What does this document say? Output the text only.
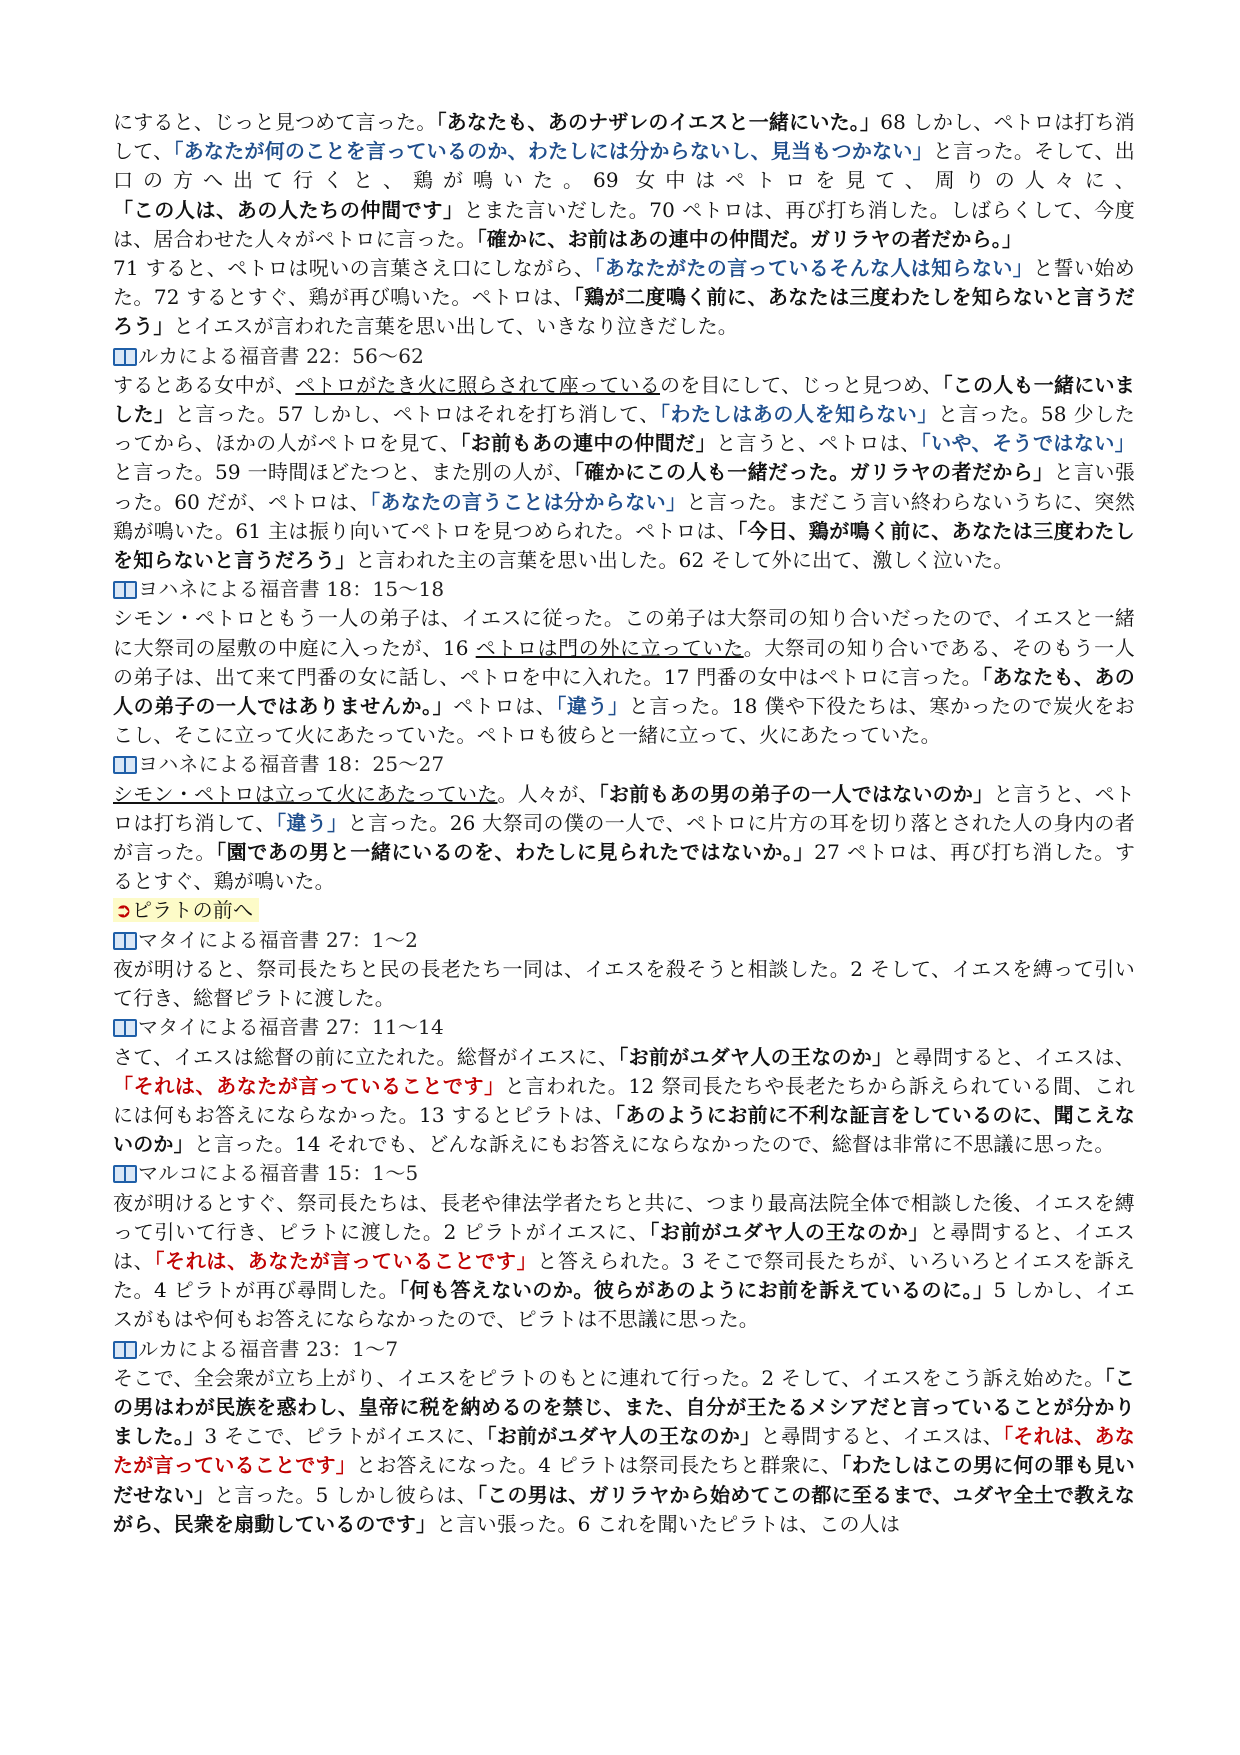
にすると、じっと見つめて言った。「あなたも、あのナザレのイエスと一緒にいた。」68 しかし、ペトロは打ち消して、「あなたが何のことを言っているのか、わたしには分からないし、見当もつかない」と言った。そして、出口の方へ出て行くと、鶏が鳴いた。69 女中はペトロを見て、周りの人々に、「この人は、あの人たちの仲間です」とまた言いだした。70 ペトロは、再び打ち消した。しばらくして、今度は、居合わせた人々がペトロに言った。「確かに、お前はあの連中の仲間だ。ガリラヤの者だから。」

71 すると、ペトロは呪いの言葉さえ口にしながら、「あなたがたの言っているそんな人は知らない」と誓い始めた。72 するとすぐ、鶏が再び鳴いた。ペトロは、「鶏が二度鳴く前に、あなたは三度わたしを知らないと言うだろう」とイエスが言われた言葉を思い出して、いきなり泣きだした。

ルカによる福音書 22：56～62

するとある女中が、ペトロがたき火に照らされて座っているのを目にして、じっと見つめ、「この人も一緒にいました」と言った。57 しかし、ペトロはそれを打ち消して、「わたしはあの人を知らない」と言った。58 少したってから、ほかの人がペトロを見て、「お前もあの連中の仲間だ」と言うと、ペトロは、「いや、そうではない」と言った。59 一時間ほどたつと、また別の人が、「確かにこの人も一緒だった。ガリラヤの者だから」と言い張った。60 だが、ペトロは、「あなたの言うことは分からない」と言った。まだこう言い終わらないうちに、突然鶏が鳴いた。61 主は振り向いてペトロを見つめられた。ペトロは、「今日、鶏が鳴く前に、あなたは三度わたしを知らないと言うだろう」と言われた主の言葉を思い出した。62 そして外に出て、激しく泣いた。

ヨハネによる福音書 18：15～18

シモン・ペトロともう一人の弟子は、イエスに従った。この弟子は大祭司の知り合いだったので、イエスと一緒に大祭司の屋敷の中庭に入ったが、16 ペトロは門の外に立っていた。大祭司の知り合いである、そのもう一人の弟子は、出て来て門番の女に話し、ペトロを中に入れた。17 門番の女中はペトロに言った。「あなたも、あの人の弟子の一人ではありませんか。」ペトロは、「違う」と言った。18 僕や下役たちは、寒かったので炭火をおこし、そこに立って火にあたっていた。ペトロも彼らと一緒に立って、火にあたっていた。

ヨハネによる福音書 18：25～27

シモン・ペトロは立って火にあたっていた。人々が、「お前もあの男の弟子の一人ではないのか」と言うと、ペトロは打ち消して、「違う」と言った。26 大祭司の僕の一人で、ペトロに片方の耳を切り落とされた人の身内の者が言った。「園であの男と一緒にいるのを、わたしに見られたではないか。」27 ペトロは、再び打ち消した。するとすぐ、鶏が鳴いた。

➲ピラトの前へ

マタイによる福音書 27：1～2

夜が明けると、祭司長たちと民の長老たち一同は、イエスを殺そうと相談した。2 そして、イエスを縛って引いて行き、総督ピラトに渡した。

マタイによる福音書 27：11～14

さて、イエスは総督の前に立たれた。総督がイエスに、「お前がユダヤ人の王なのか」と尋問すると、イエスは、「それは、あなたが言っていることです」と言われた。12 祭司長たちや長老たちから訴えられている間、これには何もお答えにならなかった。13 するとピラトは、「あのようにお前に不利な証言をしているのに、聞こえないのか」と言った。14 それでも、どんな訴えにもお答えにならなかったので、総督は非常に不思議に思った。

マルコによる福音書 15：1～5

夜が明けるとすぐ、祭司長たちは、長老や律法学者たちと共に、つまり最高法院全体で相談した後、イエスを縛って引いて行き、ピラトに渡した。2 ピラトがイエスに、「お前がユダヤ人の王なのか」と尋問すると、イエスは、「それは、あなたが言っていることです」と答えられた。3 そこで祭司長たちが、いろいろとイエスを訴えた。4 ピラトが再び尋問した。「何も答えないのか。彼らがあのようにお前を訴えているのに。」5 しかし、イエスがもはや何もお答えにならなかったので、ピラトは不思議に思った。

ルカによる福音書 23：1～7

そこで、全会衆が立ち上がり、イエスをピラトのもとに連れて行った。2 そして、イエスをこう訴え始めた。「この男はわが民族を惑わし、皇帝に税を納めるのを禁じ、また、自分が王たるメシアだと言っていることが分かりました。」3 そこで、ピラトがイエスに、「お前がユダヤ人の王なのか」と尋問すると、イエスは、「それは、あなたが言っていることです」とお答えになった。4 ピラトは祭司長たちと群衆に、「わたしはこの男に何の罪も見いだせない」と言った。5 しかし彼らは、「この男は、ガリラヤから始めてこの都に至るまで、ユダヤ全土で教えながら、民衆を扇動しているのです」と言い張った。6 これを聞いたピラトは、この人は
